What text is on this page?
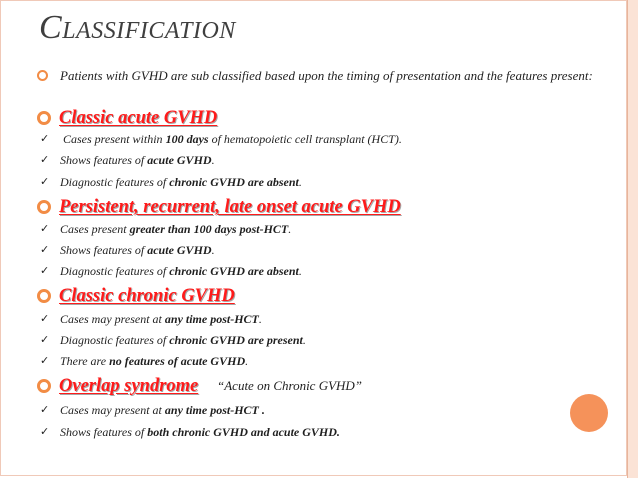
CLASSIFICATION
Patients with GVHD are sub classified based upon the timing of presentation and the features present:
Classic acute GVHD
✓ Cases present within 100 days of hematopoietic cell transplant (HCT).
✓ Shows features of acute GVHD.
✓ Diagnostic features of chronic GVHD are absent.
Persistent, recurrent, late onset acute GVHD
✓ Cases present greater than 100 days post-HCT.
✓ Shows features of acute GVHD.
✓ Diagnostic features of chronic GVHD are absent.
Classic chronic GVHD
✓ Cases may present at any time post-HCT.
✓ Diagnostic features of chronic GVHD are present.
✓ There are no features of acute GVHD.
Overlap syndrome “Acute on Chronic GVHD”
✓ Cases may present at any time post-HCT .
✓ Shows features of both chronic GVHD and acute GVHD.
